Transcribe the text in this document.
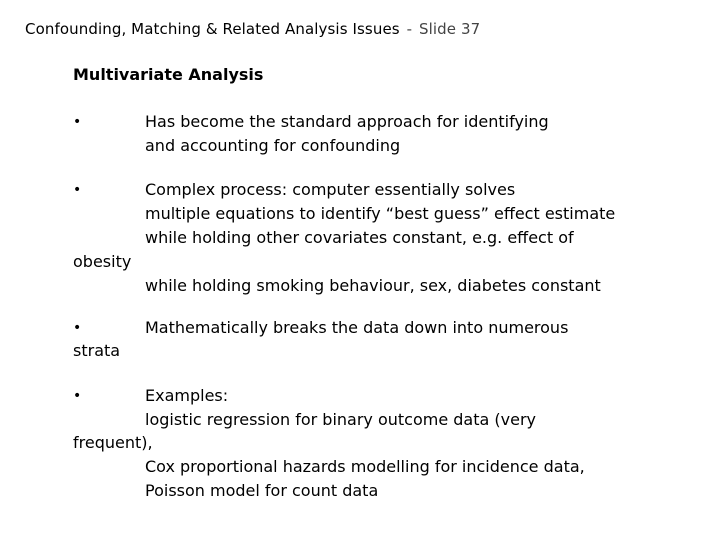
Confounding, Matching & Related Analysis Issues - Slide 37
Multivariate Analysis
•	Has become the standard approach for identifying
and accounting for confounding
•	Complex process: computer essentially solves
multiple equations to identify “best guess” effect estimate
while holding other covariates constant, e.g. effect of
obesity
while holding smoking behaviour, sex, diabetes constant
•	Mathematically breaks the data down into numerous
strata
•	Examples:
logistic regression for binary outcome data (very
frequent),
Cox proportional hazards modelling for incidence data,
Poisson model for count data
